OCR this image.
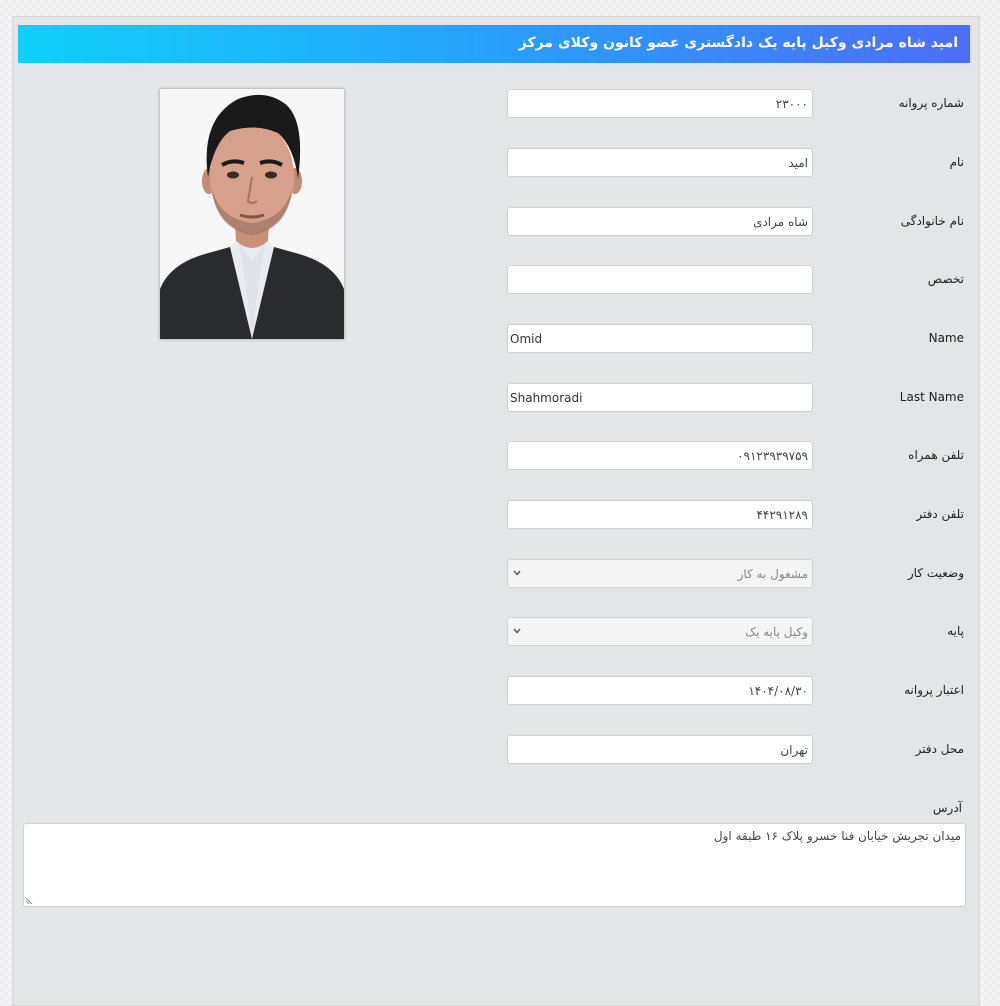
امید شاه مرادی وکیل پایه یک دادگستری عضو کانون وکلای مرکز
۲۳۰۰۰	شماره پروانه
امید	نام
شاه مرادی	نام خانوادگی
تخصص
Omid	Name
Shahmoradi	Last Name
۰۹۱۲۳۹۳۹۷۵۹	تلفن همراه
۴۴۲۹۱۲۸۹	تلفن دفتر
مشغول به کار	وضعیت کار
وکیل پایه یک	پایه
۱۴۰۴/۰۸/۳۰	اعتبار پروانه
تهران	محل دفتر
آدرس
میدان تجریش خیابان فنا خسرو پلاک ۱۶ طبقه اول
